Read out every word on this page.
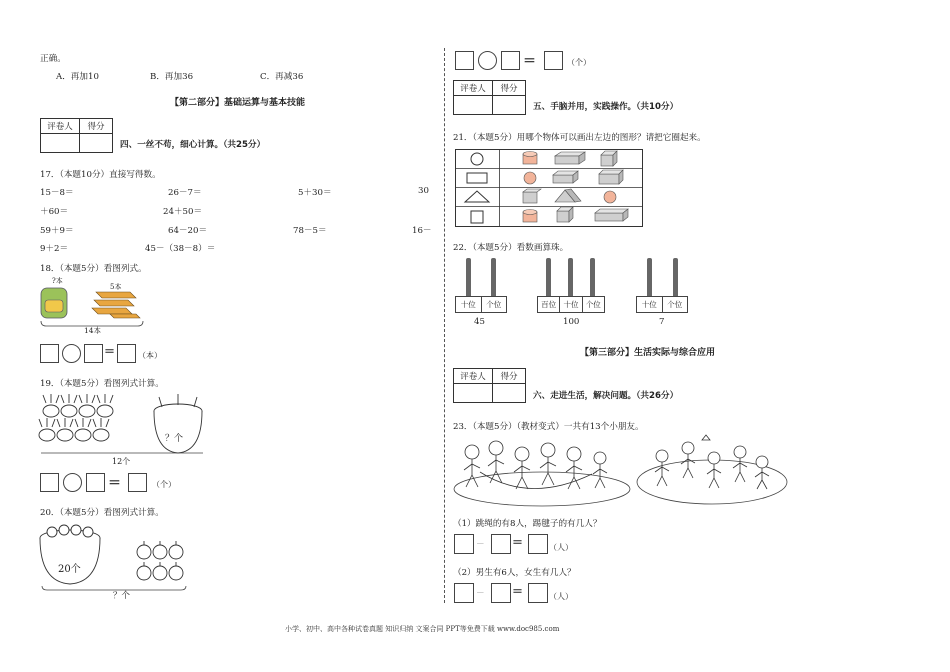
正确。
A．再加10	B．再加36	C．再减36
【第二部分】基础运算与基本技能
评卷人	得分

四、一丝不苟，细心计算。（共25分）
17．（本题10分）直接写得数。
15－8＝	26－7＝	5＋30＝	30
＋60＝	24＋50＝
59＋9＝	64－20＝	78－5＝	16－
9＋2＝	45－（38－8）＝
18．（本题5分）看图列式。
?本
5本
14本
＝	（本）
19．（本题5分）看图列式计算。
？个
12个
＝	（个）
20．（本题5分）看图列式计算。
20个
？个
＝	（个）
评卷人	得分

五、手脑并用，实践操作。（共10分）
21．（本题5分）用哪个物体可以画出左边的图形？请把它圈起来。
22．（本题5分）看数画算珠。
十位	个位
45
百位 十位 个位
100
十位	个位
7
【第三部分】生活实际与综合应用
评卷人	得分

六、走进生活，解决问题。（共26分）
23．（本题5分）（教材变式）一共有13个小朋友。
（1）跳绳的有8人，踢毽子的有几人？
－ ＝	（人）
（2）男生有6人，女生有几人？
－ ＝	（人）
小学、初中、高中各种试卷真题 知识归纳 文案合同 PPT等免费下载 www.doc985.com
